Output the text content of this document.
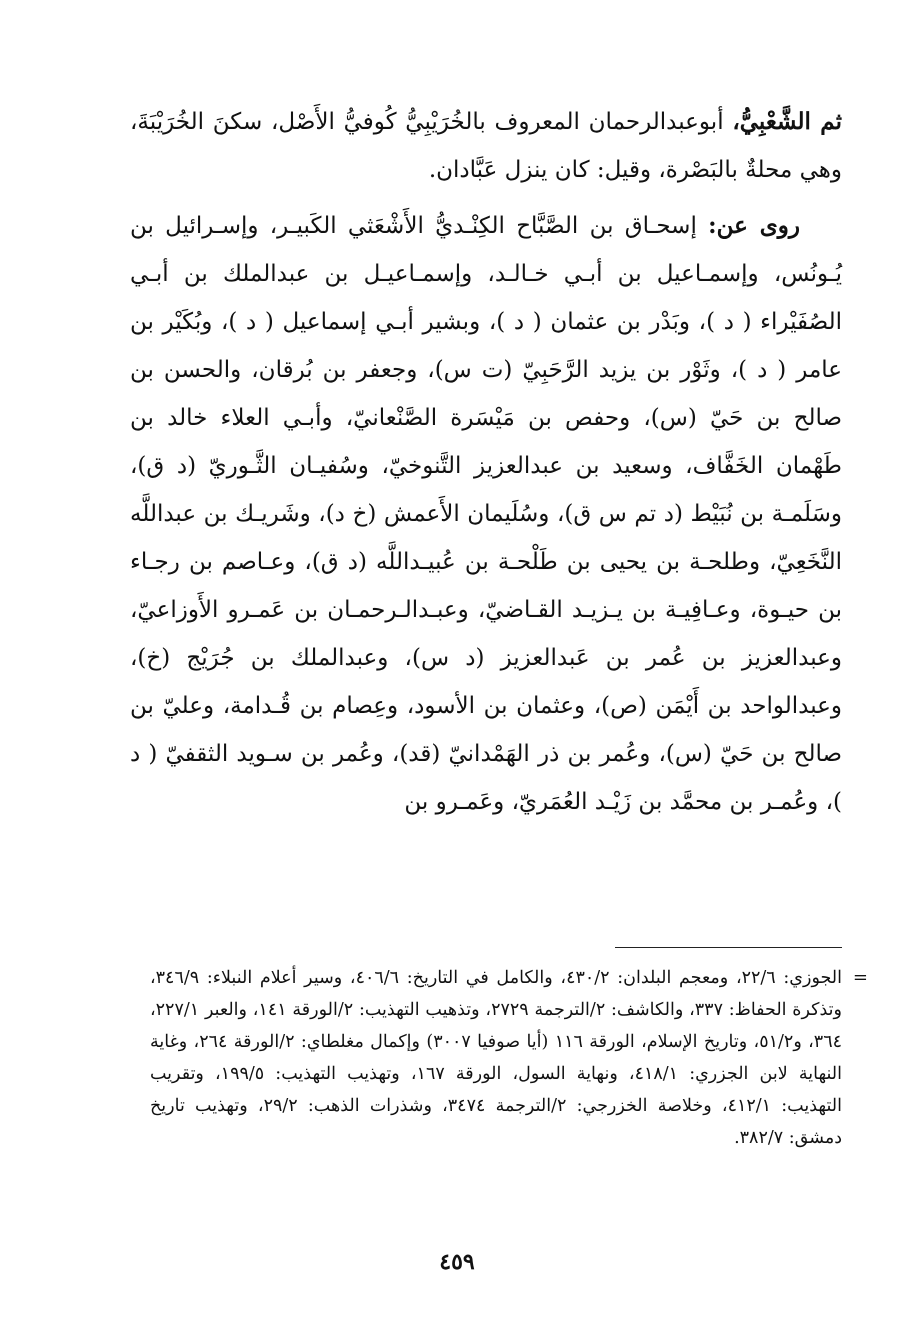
ثم الشَّعْبِيُّ، أبوعبدالرحمان المعروف بالخُرَيْبِيُّ كُوفيُّ الأَصْل، سكنَ الخُرَيْبَةَ، وهي محلةٌ بالبَصْرة، وقيل: كان ينزل عَبَّادان.

روى عن: إسحـاق بن الصَّبَّاح الكِنْـديُّ الأَشْعَثي الكَبيـر، وإسـرائيل بن يُـونُس، وإسمـاعيل بن أبـي خـالـد، وإسمـاعيـل بن عبدالملك بن أبـي الصُفَيْراء ( د )، وبَدْر بن عثمان ( د )، وبشير أبـي إسماعيل ( د )، وبُكَيْر بن عامر ( د )، وثَوْر بن يزيد الرَّحَبِيّ (ت س)، وجعفر بن بُرقان، والحسن بن صالح بن حَيّ (س)، وحفص بن مَيْسَرة الصَّنْعانيّ، وأبـي العلاء خالد بن طَهْمان الخَفَّاف، وسعيد بن عبدالعزيز التَّنوخيّ، وسُفيـان الثَّـوريّ (د ق)، وسَلَمـة بن نُبَيْط (د تم س ق)، وسُلَيمان الأَعمش (خ د)، وشَريـك بن عبداللَّه النَّخَعِيّ، وطلحـة بن يحيى بن طَلْحـة بن عُبيـداللَّه (د ق)، وعـاصم بن رجـاء بن حيـوة، وعـافِيـة بن يـزيـد القـاضيّ، وعبـدالـرحمـان بن عَمـرو الأَوزاعيّ، وعبدالعزيز بن عُمر بن عَبدالعزيز (د س)، وعبدالملك بن جُرَيْج (خ)، وعبدالواحد بن أَيْمَن (ص)، وعثمان بن الأسود، وعِصام بن قُـدامة، وعليّ بن صالح بن حَيّ (س)، وعُمر بن ذر الهَمْدانيّ (قد)، وعُمر بن سـويد الثقفيّ ( د )، وعُمـر بن محمَّد بن زَيْـد العُمَريّ، وعَمـرو بن

=
الجوزي: ٢٢/٦، ومعجم البلدان: ٤٣٠/٢، والكامل في التاريخ: ٤٠٦/٦، وسير أعلام النبلاء: ٣٤٦/٩، وتذكرة الحفاظ: ٣٣٧، والكاشف: ٢/الترجمة ٢٧٢٩، وتذهيب التهذيب: ٢/الورقة ١٤١، والعبر ٢٢٧/١، ٣٦٤، و٥١/٢، وتاريخ الإسلام، الورقة ١١٦ (أيا صوفيا ٣٠٠٧) وإكمال مغلطاي: ٢/الورقة ٢٦٤، وغاية النهاية لابن الجزري: ٤١٨/١، ونهاية السول، الورقة ١٦٧، وتهذيب التهذيب: ١٩٩/٥، وتقريب التهذيب: ٤١٢/١، وخلاصة الخزرجي: ٢/الترجمة ٣٤٧٤، وشذرات الذهب: ٢٩/٢، وتهذيب تاريخ دمشق: ٣٨٢/٧.
٤٥٩
